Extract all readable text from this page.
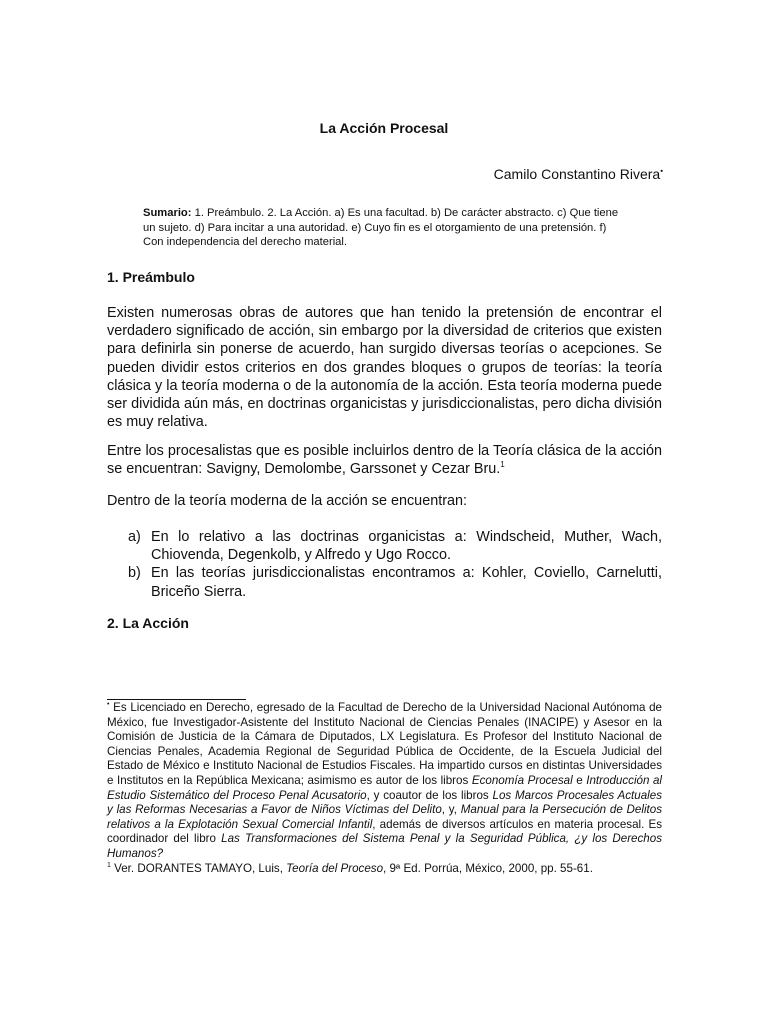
La Acción Procesal
Camilo Constantino Rivera•
Sumario: 1. Preámbulo. 2. La Acción. a) Es una facultad. b) De carácter abstracto. c) Que tiene un sujeto. d) Para incitar a una autoridad. e) Cuyo fin es el otorgamiento de una pretensión. f) Con independencia del derecho material.
1. Preámbulo
Existen numerosas obras de autores que han tenido la pretensión de encontrar el verdadero significado de acción, sin embargo por la diversidad de criterios que existen para definirla sin ponerse de acuerdo, han surgido diversas teorías o acepciones. Se pueden dividir estos criterios en dos grandes bloques o grupos de teorías: la teoría clásica y la teoría moderna o de la autonomía de la acción. Esta teoría moderna puede ser dividida aún más, en doctrinas organicistas y jurisdiccionalistas, pero dicha división es muy relativa.
Entre los procesalistas que es posible incluirlos dentro de la Teoría clásica de la acción se encuentran: Savigny, Demolombe, Garssonet y Cezar Bru.$^1$
Dentro de la teoría moderna de la acción se encuentran:
a) En lo relativo a las doctrinas organicistas a: Windscheid, Muther, Wach, Chiovenda, Degenkolb, y Alfredo y Ugo Rocco.
b) En las teorías jurisdiccionalistas encontramos a: Kohler, Coviello, Carnelutti, Briceño Sierra.
2. La Acción

• Es Licenciado en Derecho, egresado de la Facultad de Derecho de la Universidad Nacional Autónoma de México, fue Investigador-Asistente del Instituto Nacional de Ciencias Penales (INACIPE) y Asesor en la Comisión de Justicia de la Cámara de Diputados, LX Legislatura. Es Profesor del Instituto Nacional de Ciencias Penales, Academia Regional de Seguridad Pública de Occidente, de la Escuela Judicial del Estado de México e Instituto Nacional de Estudios Fiscales. Ha impartido cursos en distintas Universidades e Institutos en la República Mexicana; asimismo es autor de los libros Economía Procesal e Introducción al Estudio Sistemático del Proceso Penal Acusatorio, y coautor de los libros Los Marcos Procesales Actuales y las Reformas Necesarias a Favor de Niños Víctimas del Delito, y, Manual para la Persecución de Delitos relativos a la Explotación Sexual Comercial Infantil, además de diversos artículos en materia procesal. Es coordinador del libro Las Transformaciones del Sistema Penal y la Seguridad Pública, ¿y los Derechos Humanos?

$^1$ Ver. DORANTES TAMAYO, Luis, Teoría del Proceso, 9ª Ed. Porrúa, México, 2000, pp. 55-61.
